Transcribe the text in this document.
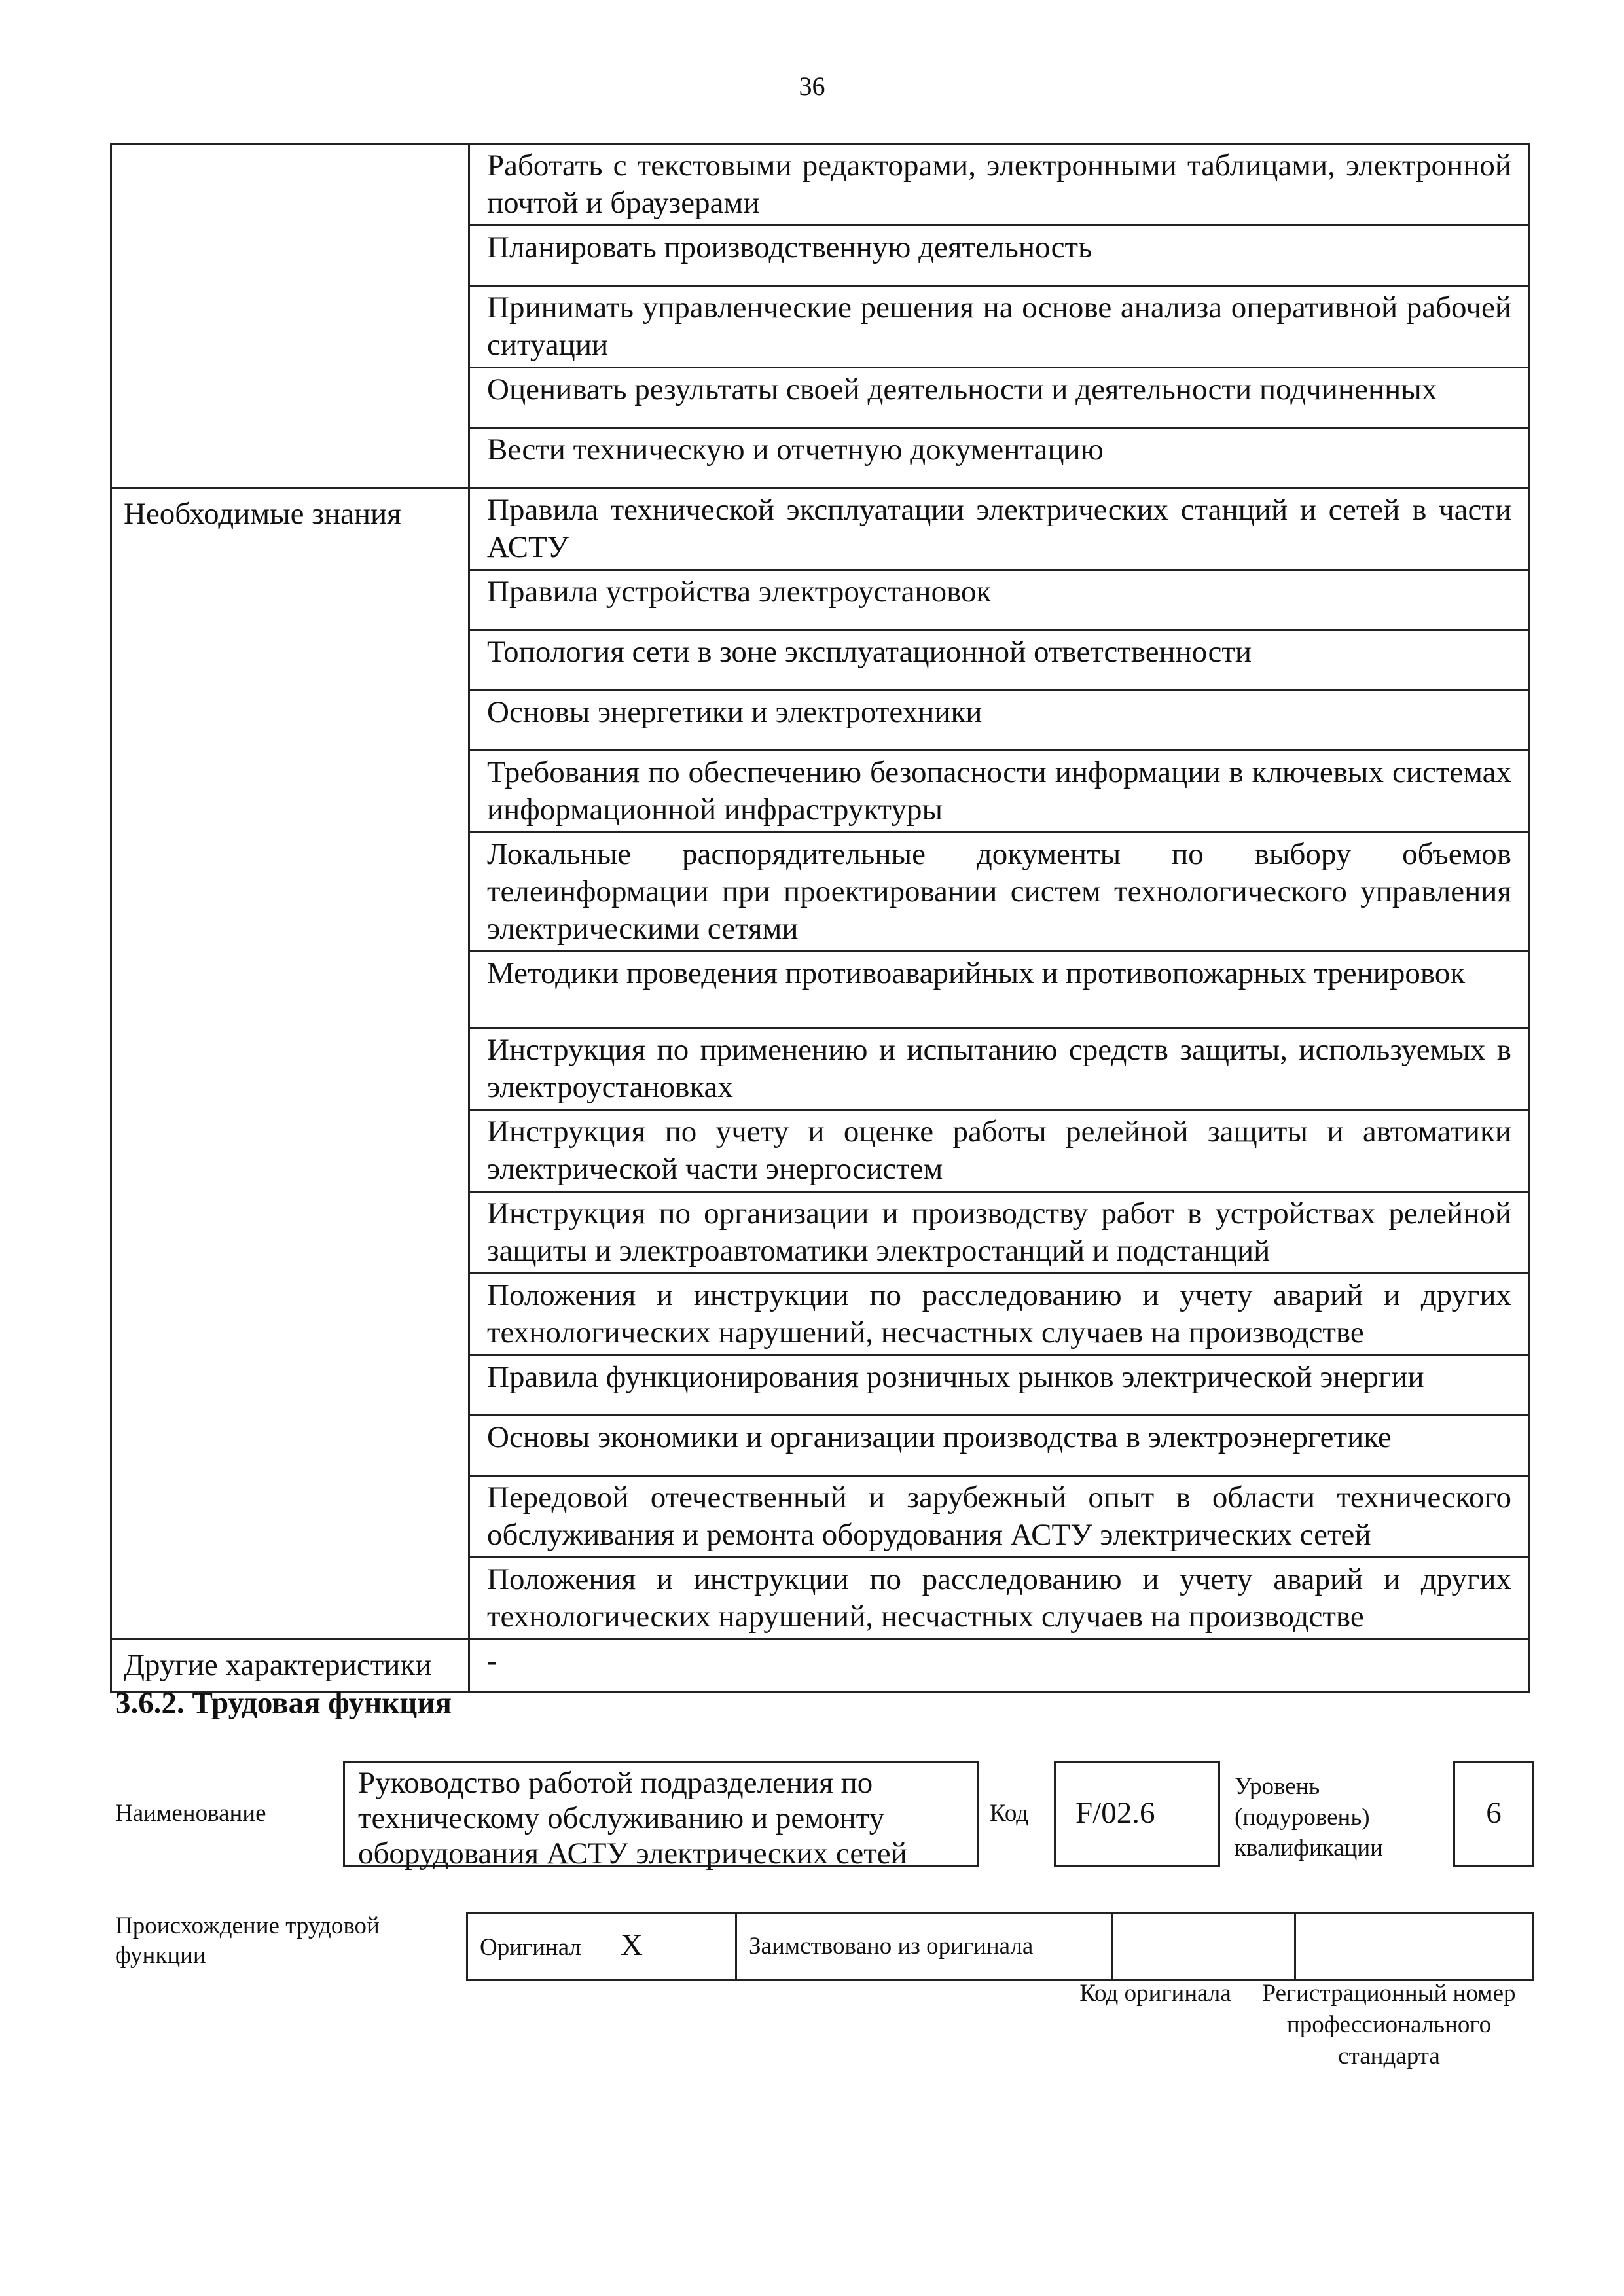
36
	Работать с текстовыми редакторами, электронными таблицами, электронной почтой и браузерами
	Планировать производственную деятельность
	Принимать управленческие решения на основе анализа оперативной рабочей ситуации
	Оценивать результаты своей деятельности и деятельности подчиненных
	Вести техническую и отчетную документацию
Необходимые знания	Правила технической эксплуатации электрических станций и сетей в части АСТУ
	Правила устройства электроустановок
	Топология сети в зоне эксплуатационной ответственности
	Основы энергетики и электротехники
	Требования по обеспечению безопасности информации в ключевых системах информационной инфраструктуры
	Локальные распорядительные документы по выбору объемов телеинформации при проектировании систем технологического управления электрическими сетями
	Методики проведения противоаварийных и противопожарных тренировок
	Инструкция по применению и испытанию средств защиты, используемых в электроустановках
	Инструкция по учету и оценке работы релейной защиты и автоматики электрической части энергосистем
	Инструкция по организации и производству работ в устройствах релейной защиты и электроавтоматики электростанций и подстанций
	Положения и инструкции по расследованию и учету аварий и других технологических нарушений, несчастных случаев на производстве
	Правила функционирования розничных рынков электрической энергии
	Основы экономики и организации производства в электроэнергетике
	Передовой отечественный и зарубежный опыт в области технического обслуживания и ремонта оборудования АСТУ электрических сетей
	Положения и инструкции по расследованию и учету аварий и других технологических нарушений, несчастных случаев на производстве
Другие характеристики	-
3.6.2. Трудовая функция
Наименование
Руководство работой подразделения по техническому обслуживанию и ремонту оборудования АСТУ электрических сетей
Код	F/02.6
Уровень (подуровень) квалификации
6
Происхождение трудовой функции	Оригинал X	Заимствовано из оригинала		
Код оригинала	Регистрационный номер профессионального стандарта
